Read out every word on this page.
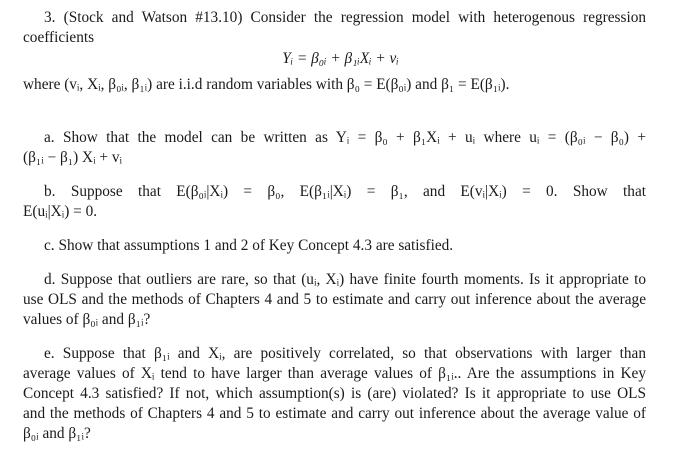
3. (Stock and Watson #13.10) Consider the regression model with heterogenous regression
coefficients
Yᵢ = β₀ᵢ + β₁ᵢXᵢ + vᵢ
where (vᵢ, Xᵢ, β₀ᵢ, β₁ᵢ) are i.i.d random variables with β₀ = E(β₀ᵢ) and β₁ = E(β₁ᵢ).
a. Show that the model can be written as Yᵢ = β₀ + β₁Xᵢ + uᵢ where uᵢ = (β₀ᵢ − β₀) +
(β₁ᵢ − β₁) Xᵢ + vᵢ
b. Suppose that E(β₀ᵢ|Xᵢ) = β₀, E(β₁ᵢ|Xᵢ) = β₁, and E(vᵢ|Xᵢ) = 0. Show that
E(uᵢ|Xᵢ) = 0.
c. Show that assumptions 1 and 2 of Key Concept 4.3 are satisfied.
d. Suppose that outliers are rare, so that (uᵢ, Xᵢ) have finite fourth moments. Is it appropriate to
use OLS and the methods of Chapters 4 and 5 to estimate and carry out inference about the average
values of β₀ᵢ and β₁ᵢ?
e. Suppose that β₁ᵢ and Xᵢ, are positively correlated, so that observations with larger than
average values of Xᵢ tend to have larger than average values of β₁ᵢ.. Are the assumptions in Key
Concept 4.3 satisfied? If not, which assumption(s) is (are) violated? Is it appropriate to use OLS
and the methods of Chapters 4 and 5 to estimate and carry out inference about the average value of
β₀ᵢ and β₁ᵢ?
